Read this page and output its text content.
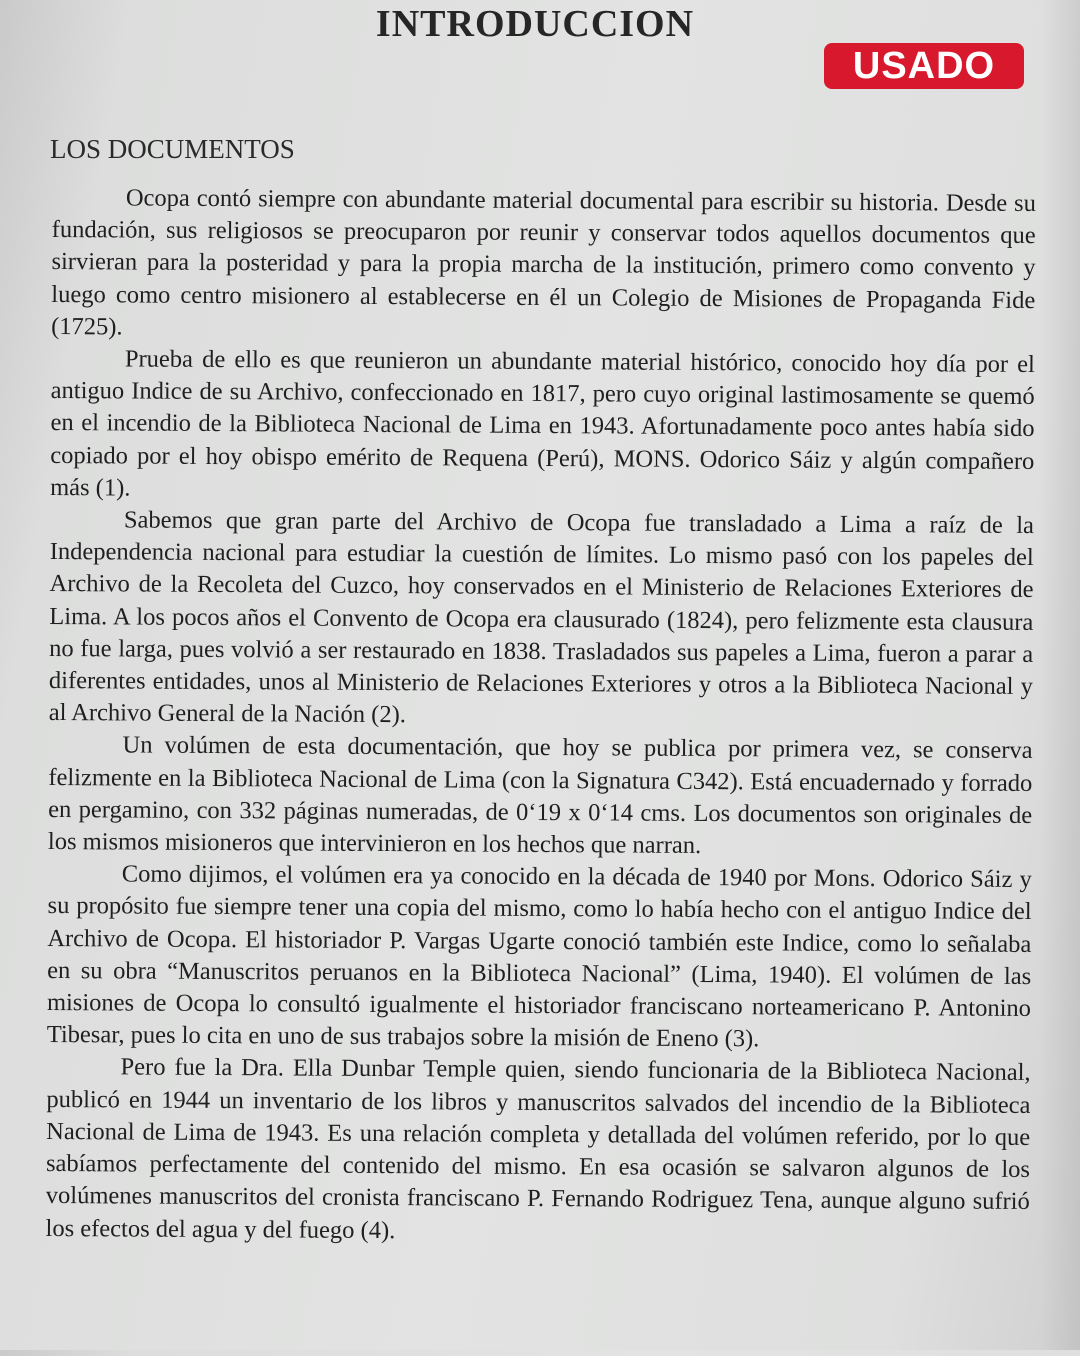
INTRODUCCION
USADO
LOS DOCUMENTOS

Ocopa contó siempre con abundante material documental para escribir su historia. Desde su fundación, sus religiosos se preocuparon por reunir y conservar todos aquellos documentos que sirvieran para la posteridad y para la propia marcha de la institución, primero como convento y luego como centro misionero al establecerse en él un Colegio de Misiones de Propaganda Fide (1725).

Prueba de ello es que reunieron un abundante material histórico, conocido hoy día por el antiguo Indice de su Archivo, confeccionado en 1817, pero cuyo original lastimosamente se quemó en el incendio de la Biblioteca Nacional de Lima en 1943. Afortunadamente poco antes había sido copiado por el hoy obispo emérito de Requena (Perú), MONS. Odorico Sáiz y algún compañero más (1).

Sabemos que gran parte del Archivo de Ocopa fue transladado a Lima a raíz de la Independencia nacional para estudiar la cuestión de límites. Lo mismo pasó con los papeles del Archivo de la Recoleta del Cuzco, hoy conservados en el Ministerio de Relaciones Exteriores de Lima. A los pocos años el Convento de Ocopa era clausurado (1824), pero felizmente esta clausura no fue larga, pues volvió a ser restaurado en 1838. Trasladados sus papeles a Lima, fueron a parar a diferentes entidades, unos al Ministerio de Relaciones Exteriores y otros a la Biblioteca Nacional y al Archivo General de la Nación (2).

Un volúmen de esta documentación, que hoy se publica por primera vez, se conserva felizmente en la Biblioteca Nacional de Lima (con la Signatura C342). Está encuadernado y forrado en pergamino, con 332 páginas numeradas, de 0‘19 x 0‘14 cms. Los documentos son originales de los mismos misioneros que intervinieron en los hechos que narran.

Como dijimos, el volúmen era ya conocido en la década de 1940 por Mons. Odorico Sáiz y su propósito fue siempre tener una copia del mismo, como lo había hecho con el antiguo Indice del Archivo de Ocopa. El historiador P. Vargas Ugarte conoció también este Indice, como lo señalaba en su obra “Manuscritos peruanos en la Biblioteca Nacional” (Lima, 1940). El volúmen de las misiones de Ocopa lo consultó igualmente el historiador franciscano norteamericano P. Antonino Tibesar, pues lo cita en uno de sus trabajos sobre la misión de Eneno (3).

Pero fue la Dra. Ella Dunbar Temple quien, siendo funcionaria de la Biblioteca Nacional, publicó en 1944 un inventario de los libros y manuscritos salvados del incendio de la Biblioteca Nacional de Lima de 1943. Es una relación completa y detallada del volúmen referido, por lo que sabíamos perfectamente del contenido del mismo. En esa ocasión se salvaron algunos de los volúmenes manuscritos del cronista franciscano P. Fernando Rodriguez Tena, aunque alguno sufrió los efectos del agua y del fuego (4).
